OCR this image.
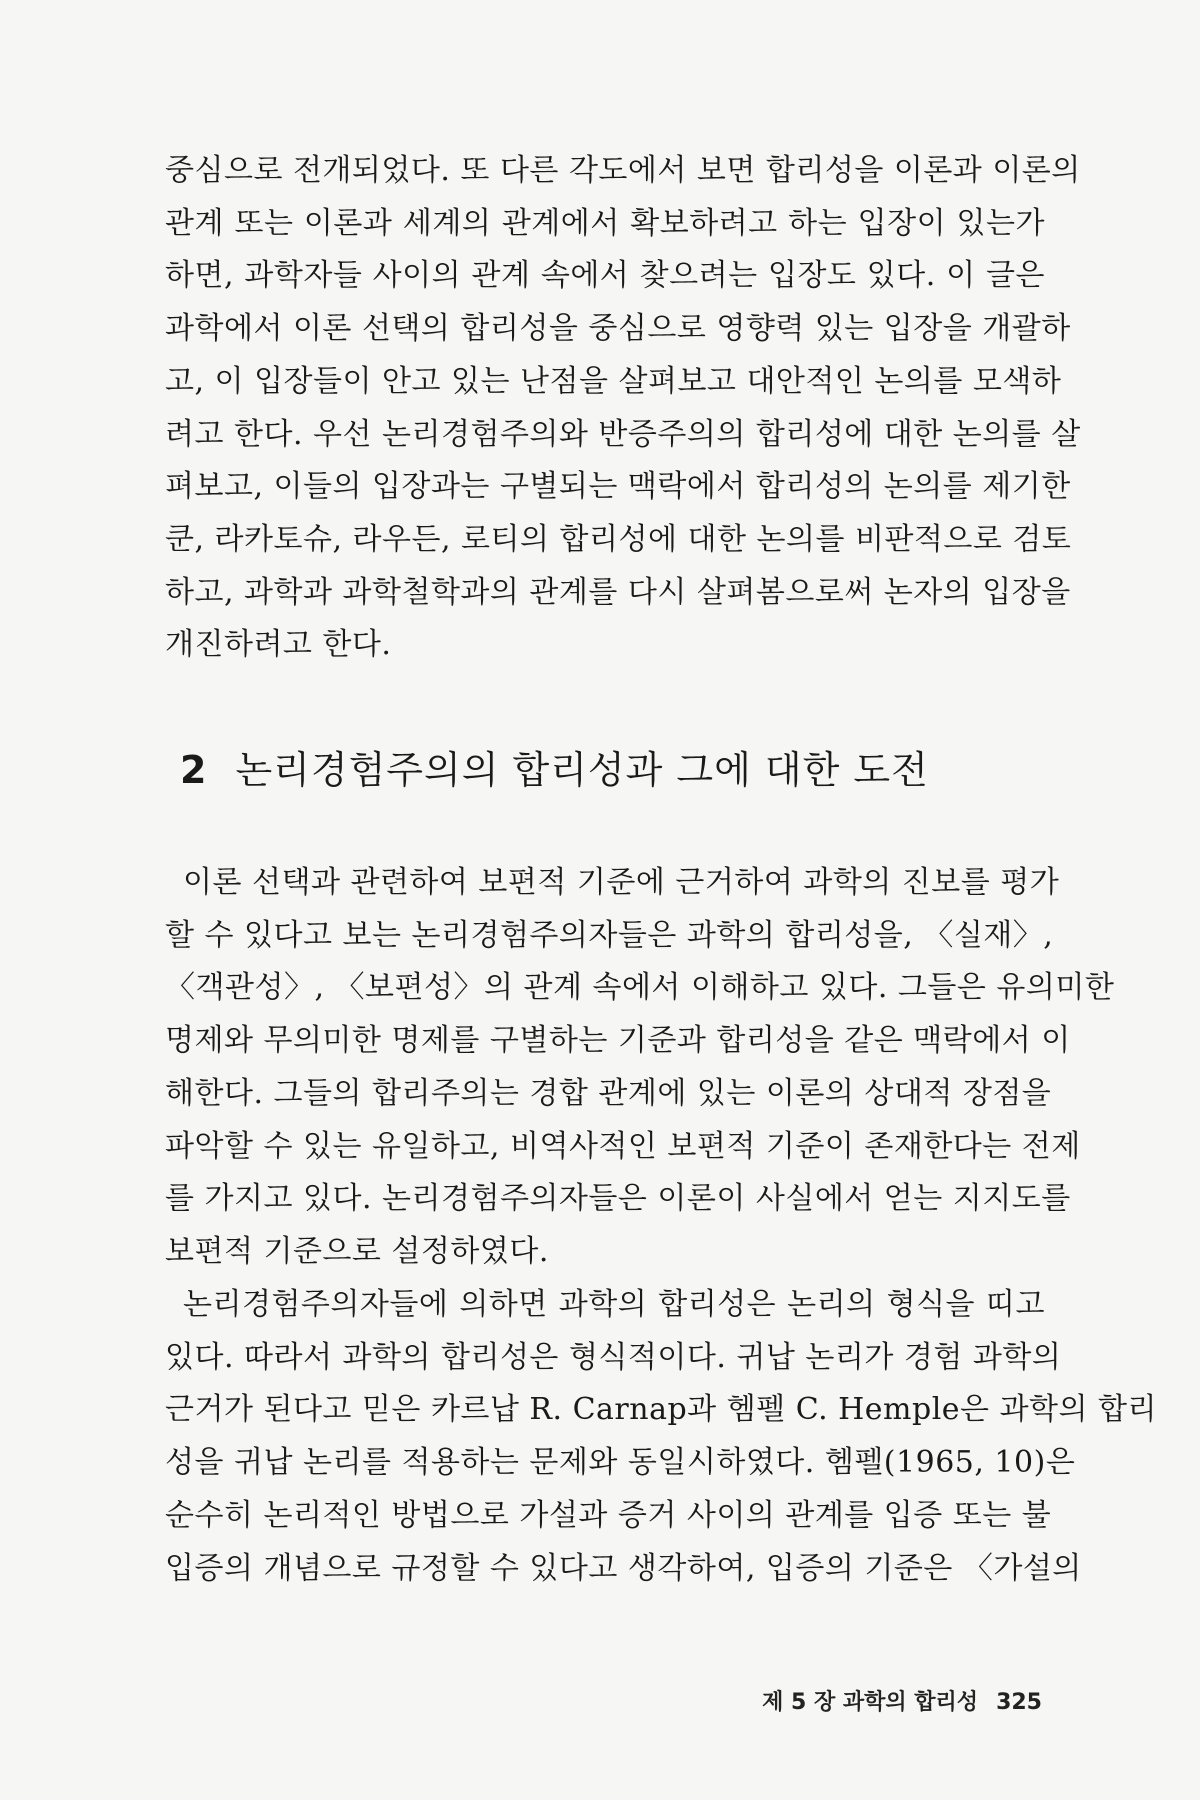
중심으로 전개되었다. 또 다른 각도에서 보면 합리성을 이론과 이론의
관계 또는 이론과 세계의 관계에서 확보하려고 하는 입장이 있는가
하면, 과학자들 사이의 관계 속에서 찾으려는 입장도 있다. 이 글은
과학에서 이론 선택의 합리성을 중심으로 영향력 있는 입장을 개괄하
고, 이 입장들이 안고 있는 난점을 살펴보고 대안적인 논의를 모색하
려고 한다. 우선 논리경험주의와 반증주의의 합리성에 대한 논의를 살
펴보고, 이들의 입장과는 구별되는 맥락에서 합리성의 논의를 제기한
쿤, 라카토슈, 라우든, 로티의 합리성에 대한 논의를 비판적으로 검토
하고, 과학과 과학철학과의 관계를 다시 살펴봄으로써 논자의 입장을
개진하려고 한다.
2 논리경험주의의 합리성과 그에 대한 도전
이론 선택과 관련하여 보편적 기준에 근거하여 과학의 진보를 평가
할 수 있다고 보는 논리경험주의자들은 과학의 합리성을, 〈실재〉,
〈객관성〉, 〈보편성〉의 관계 속에서 이해하고 있다. 그들은 유의미한
명제와 무의미한 명제를 구별하는 기준과 합리성을 같은 맥락에서 이
해한다. 그들의 합리주의는 경합 관계에 있는 이론의 상대적 장점을
파악할 수 있는 유일하고, 비역사적인 보편적 기준이 존재한다는 전제
를 가지고 있다. 논리경험주의자들은 이론이 사실에서 얻는 지지도를
보편적 기준으로 설정하였다.
논리경험주의자들에 의하면 과학의 합리성은 논리의 형식을 띠고
있다. 따라서 과학의 합리성은 형식적이다. 귀납 논리가 경험 과학의
근거가 된다고 믿은 카르납 R. Carnap과 헴펠 C. Hemple은 과학의 합리
성을 귀납 논리를 적용하는 문제와 동일시하였다. 헴펠(1965, 10)은
순수히 논리적인 방법으로 가설과 증거 사이의 관계를 입증 또는 불
입증의 개념으로 규정할 수 있다고 생각하여, 입증의 기준은 〈가설의
제 5 장 과학의 합리성 325
